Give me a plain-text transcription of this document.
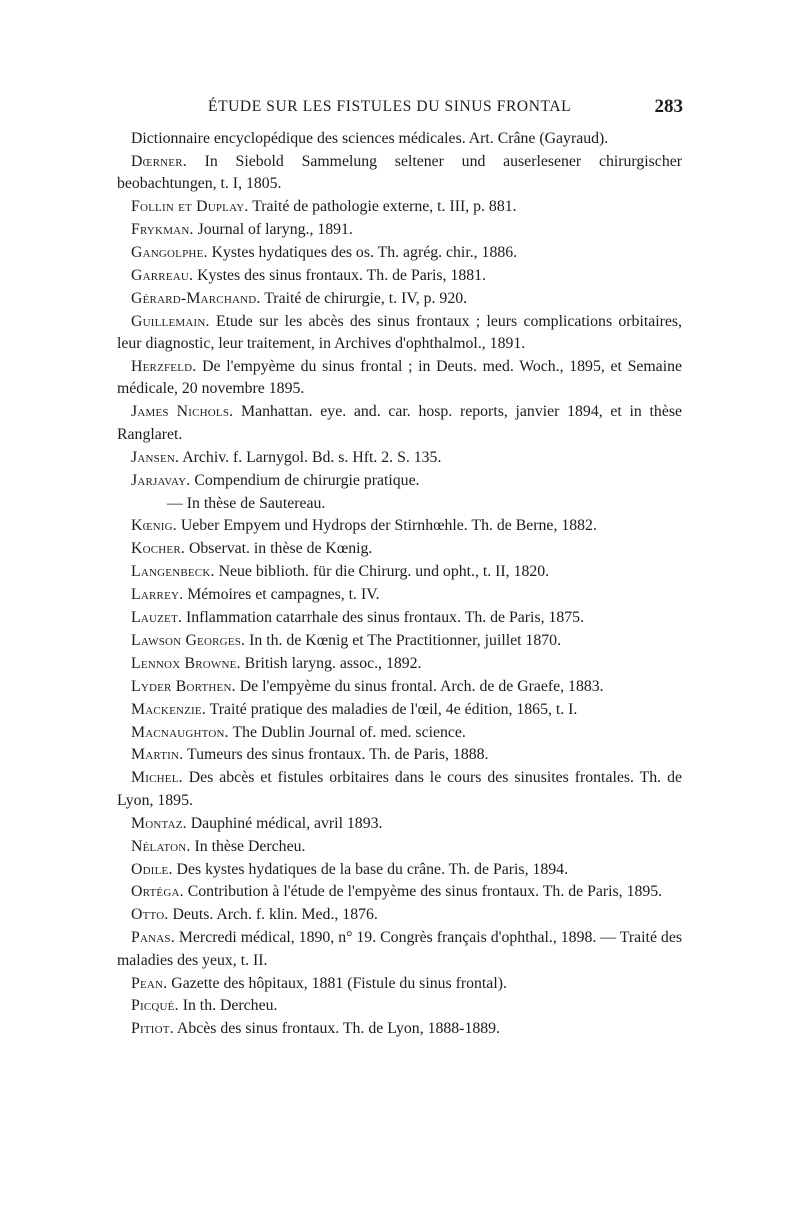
ÉTUDE SUR LES FISTULES DU SINUS FRONTAL	283

Dictionnaire encyclopédique des sciences médicales. Art. Crâne (Gayraud).

Dœrner. In Siebold Sammelung seltener und auserlesener chirurgischer beobachtungen, t. I, 1805.

Follin et Duplay. Traité de pathologie externe, t. III, p. 881.

Frykman. Journal of laryng., 1891.

Gangolphe. Kystes hydatiques des os. Th. agrég. chir., 1886.

Garreau. Kystes des sinus frontaux. Th. de Paris, 1881.

Gérard-Marchand. Traité de chirurgie, t. IV, p. 920.

Guillemain. Etude sur les abcès des sinus frontaux ; leurs complications orbitaires, leur diagnostic, leur traitement, in Archives d'ophthalmol., 1891.

Herzfeld. De l'empyème du sinus frontal ; in Deuts. med. Woch., 1895, et Semaine médicale, 20 novembre 1895.

James Nichols. Manhattan. eye. and. car. hosp. reports, janvier 1894, et in thèse Ranglaret.

Jansen. Archiv. f. Larnygol. Bd. s. Hft. 2. S. 135.

Jarjavay. Compendium de chirurgie pratique.

— In thèse de Sautereau.

Kœnig. Ueber Empyem und Hydrops der Stirnhœhle. Th. de Berne, 1882.

Kocher. Observat. in thèse de Kœnig.

Langenbeck. Neue biblioth. für die Chirurg. und opht., t. II, 1820.

Larrey. Mémoires et campagnes, t. IV.

Lauzet. Inflammation catarrhale des sinus frontaux. Th. de Paris, 1875.

Lawson Georges. In th. de Kœnig et The Practitionner, juillet 1870.

Lennox Browne. British laryng. assoc., 1892.

Lyder Borthen. De l'empyème du sinus frontal. Arch. de de Graefe, 1883.

Mackenzie. Traité pratique des maladies de l'œil, 4e édition, 1865, t. I.

Macnaughton. The Dublin Journal of. med. science.

Martin. Tumeurs des sinus frontaux. Th. de Paris, 1888.

Michel. Des abcès et fistules orbitaires dans le cours des sinusites frontales. Th. de Lyon, 1895.

Montaz. Dauphiné médical, avril 1893.

Nélaton. In thèse Dercheu.

Odile. Des kystes hydatiques de la base du crâne. Th. de Paris, 1894.

Ortéga. Contribution à l'étude de l'empyème des sinus frontaux. Th. de Paris, 1895.

Otto. Deuts. Arch. f. klin. Med., 1876.

Panas. Mercredi médical, 1890, n° 19. Congrès français d'ophthal., 1898. — Traité des maladies des yeux, t. II.

Pean. Gazette des hôpitaux, 1881 (Fistule du sinus frontal).

Picqué. In th. Dercheu.

Pitiot. Abcès des sinus frontaux. Th. de Lyon, 1888-1889.
